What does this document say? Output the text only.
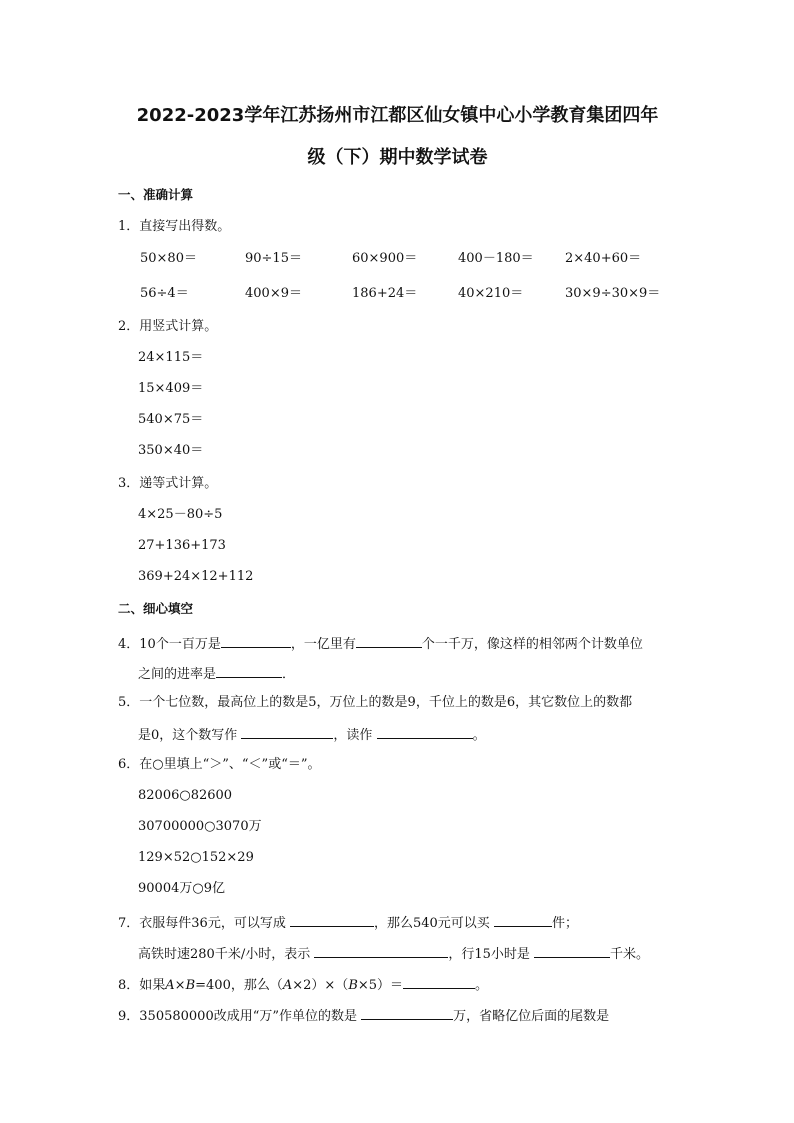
2022-2023学年江苏扬州市江都区仙女镇中心小学教育集团四年
级（下）期中数学试卷
一、准确计算
1．直接写出得数。
50×80＝	90÷15＝	60×900＝	400－180＝ 2×40+60＝
56÷4＝	400×9＝	186+24＝	40×210＝	30×9÷30×9＝
2．用竖式计算。
24×115＝
15×409＝
540×75＝
350×40＝
3．递等式计算。
4×25－80÷5
27+136+173
369+24×12+112
二、细心填空
4．10个一百万是	，一亿里有	个一千万，像这样的相邻两个计数单位
之间的进率是	．
5．一个七位数，最高位上的数是5，万位上的数是9，千位上的数是6，其它数位上的数都
是0，这个数写作	，读作	。
6．在○里填上“＞”、“＜”或“＝”。
82006○82600
30700000○3070万
129×52○152×29
90004万○9亿
7．衣服每件36元，可以写成	，那么540元可以买	件；
高铁时速280千米/小时，表示	，行15小时是	千米。
8．如果A×B=400，那么（A×2）×（B×5）＝	。
9．350580000改成用“万”作单位的数是	万，省略亿位后面的尾数是
